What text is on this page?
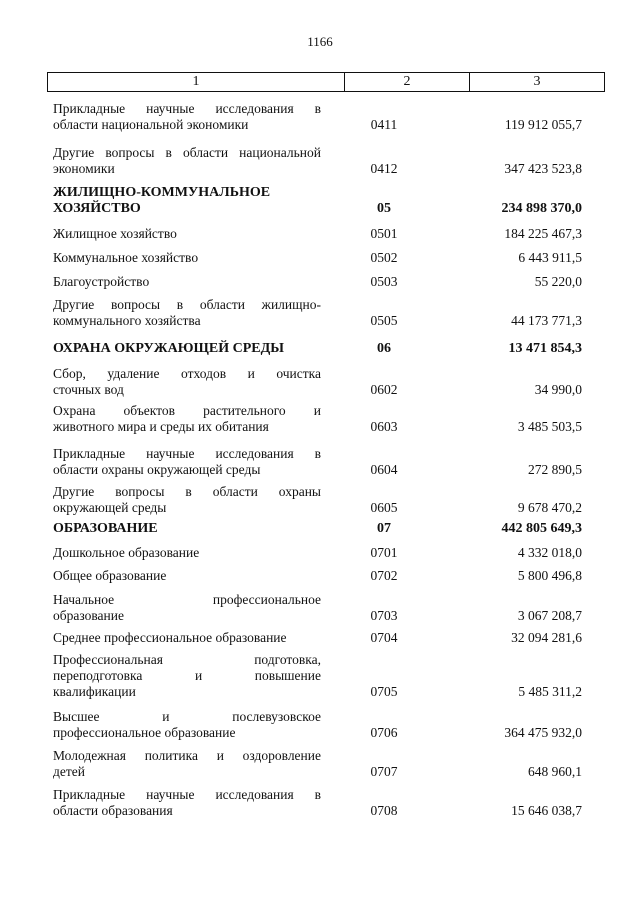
1166
1	2	3
Прикладные научные исследования в
области национальной экономики	0411	119 912 055,7
Другие вопросы в области национальной
экономики	0412	347 423 523,8
ЖИЛИЩНО-КОММУНАЛЬНОЕ
ХОЗЯЙСТВО	05	234 898 370,0
Жилищное хозяйство	0501	184 225 467,3
Коммунальное хозяйство	0502	6 443 911,5
Благоустройство	0503	55 220,0
Другие вопросы в области жилищно-
коммунального хозяйства	0505	44 173 771,3
ОХРАНА ОКРУЖАЮЩЕЙ СРЕДЫ	06	13 471 854,3
Сбор, удаление отходов и очистка
сточных вод	0602	34 990,0
Охрана объектов растительного и
животного мира и среды их обитания	0603	3 485 503,5
Прикладные научные исследования в
области охраны окружающей среды	0604	272 890,5
Другие вопросы в области охраны
окружающей среды	0605	9 678 470,2
ОБРАЗОВАНИЕ	07	442 805 649,3
Дошкольное образование	0701	4 332 018,0
Общее образование	0702	5 800 496,8
Начальное профессиональное
образование	0703	3 067 208,7
Среднее профессиональное образование	0704	32 094 281,6
Профессиональная подготовка,
переподготовка и повышение
квалификации	0705	5 485 311,2
Высшее и послевузовское
профессиональное образование	0706	364 475 932,0
Молодежная политика и оздоровление
детей	0707	648 960,1
Прикладные научные исследования в
области образования	0708	15 646 038,7
